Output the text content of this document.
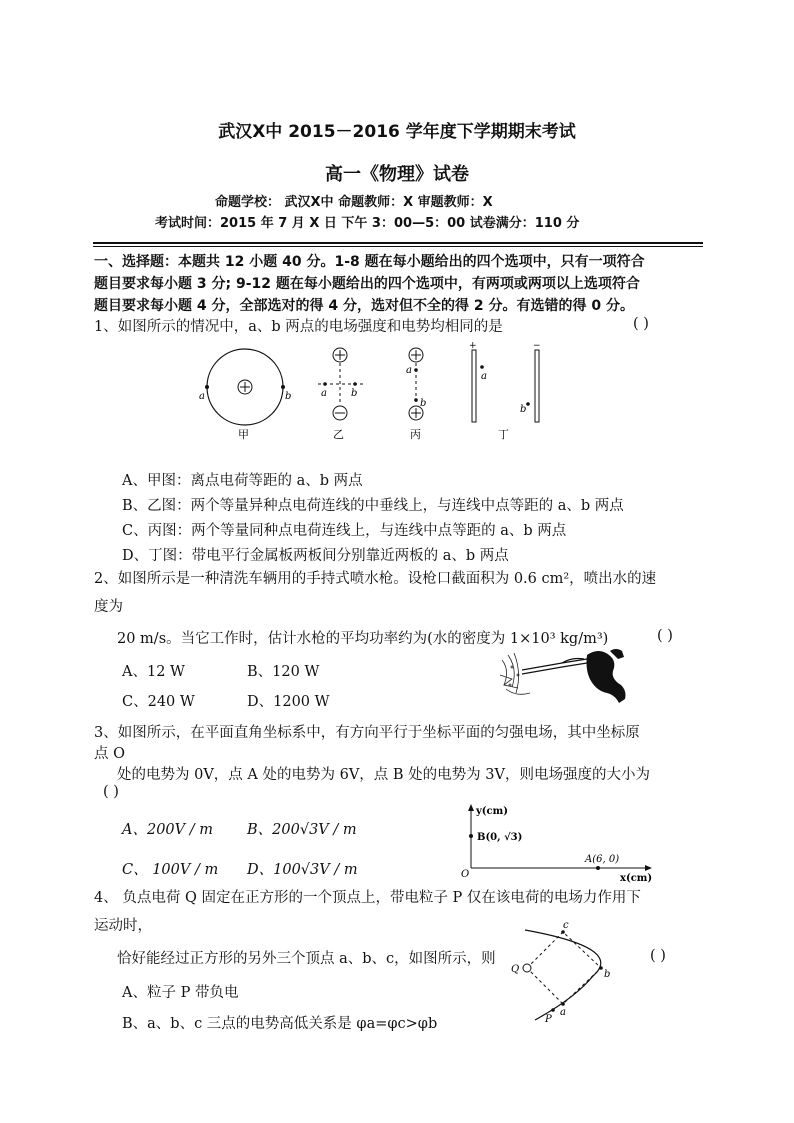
武汉X中 2015－2016 学年度下学期期末考试
高一《物理》试卷
命题学校： 武汉X中 命题教师：X 审题教师：X
考试时间：2015 年 7 月 X 日 下午 3：00—5：00 试卷满分：110 分
一、选择题：本题共 12 小题 40 分。1-8 题在每小题给出的四个选项中，只有一项符合
题目要求每小题 3 分; 9-12 题在每小题给出的四个选项中，有两项或两项以上选项符合
题目要求每小题 4 分，全部选对的得 4 分，选对但不全的得 2 分。有选错的得 0 分。
1、如图所示的情况中，a、b 两点的电场强度和电势均相同的是	( )
a	b
甲
a b
乙
a
b
丙
+	−
a
b
丁
A、甲图：离点电荷等距的 a、b 两点
B、乙图：两个等量异种点电荷连线的中垂线上，与连线中点等距的 a、b 两点
C、丙图：两个等量同种点电荷连线上，与连线中点等距的 a、b 两点
D、丁图：带电平行金属板两板间分别靠近两板的 a、b 两点
2、如图所示是一种清洗车辆用的手持式喷水枪。设枪口截面积为 0.6 cm²，喷出水的速
度为
20 m/s。当它工作时，估计水枪的平均功率约为(水的密度为 1×10³ kg/m³)	( )
A、12 W	B、120 W
C、240 W	D、1200 W
3、如图所示，在平面直角坐标系中，有方向平行于坐标平面的匀强电场，其中坐标原
点 O
处的电势为 0V，点 A 处的电势为 6V，点 B 处的电势为 3V，则电场强度的大小为
( )
A、200V / m B、200√3V / m
C、 100V / m D、100√3V / m
y(cm)
B(0, √3)
A(6, 0)
O	x(cm)
4、 负点电荷 Q 固定在正方形的一个顶点上，带电粒子 P 仅在该电荷的电场力作用下
运动时，
恰好能经过正方形的另外三个顶点 a、b、c，如图所示，则	( )
A、粒子 P 带负电
B、a、b、c 三点的电势高低关系是 φa=φc>φb
Q
c
b
a
P
